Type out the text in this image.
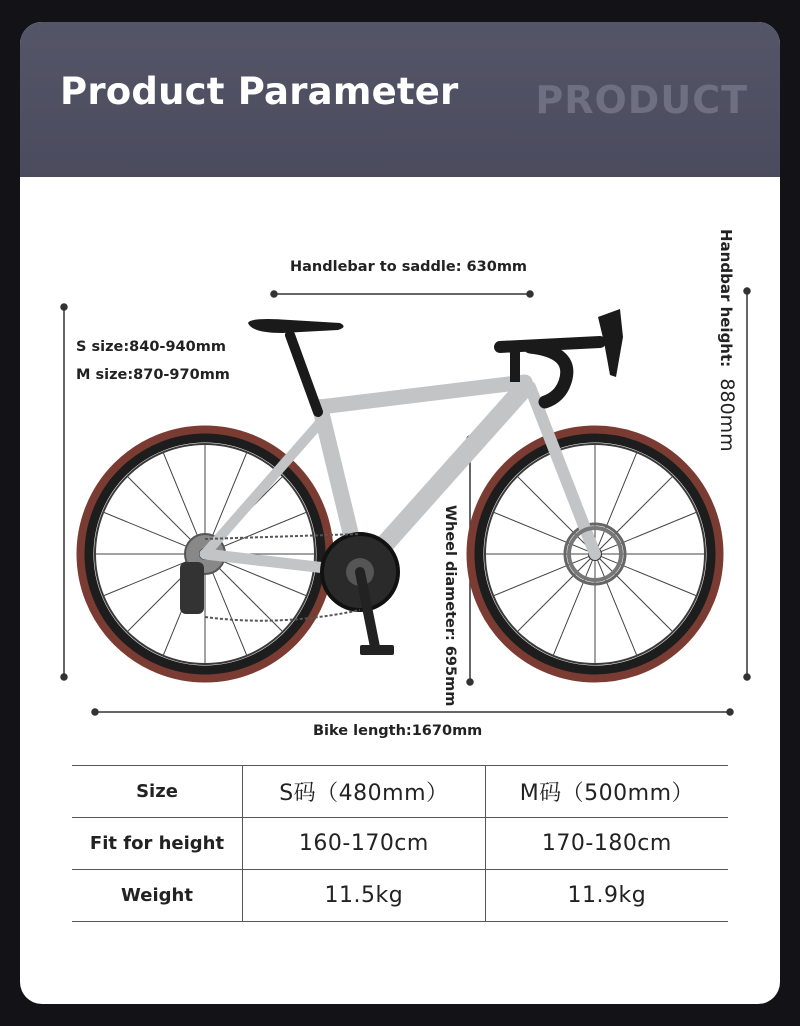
Product Parameter PRODUCT
Handlebar to saddle: 630mm
S size:840-940mm
M size:870-970mm
Handbar height: 880mm
Wheel diameter: 695mm
Bike length:1670mm
Size	S码（480mm）	M码（500mm）
Fit for height	160-170cm	170-180cm
Weight	11.5kg	11.9kg
